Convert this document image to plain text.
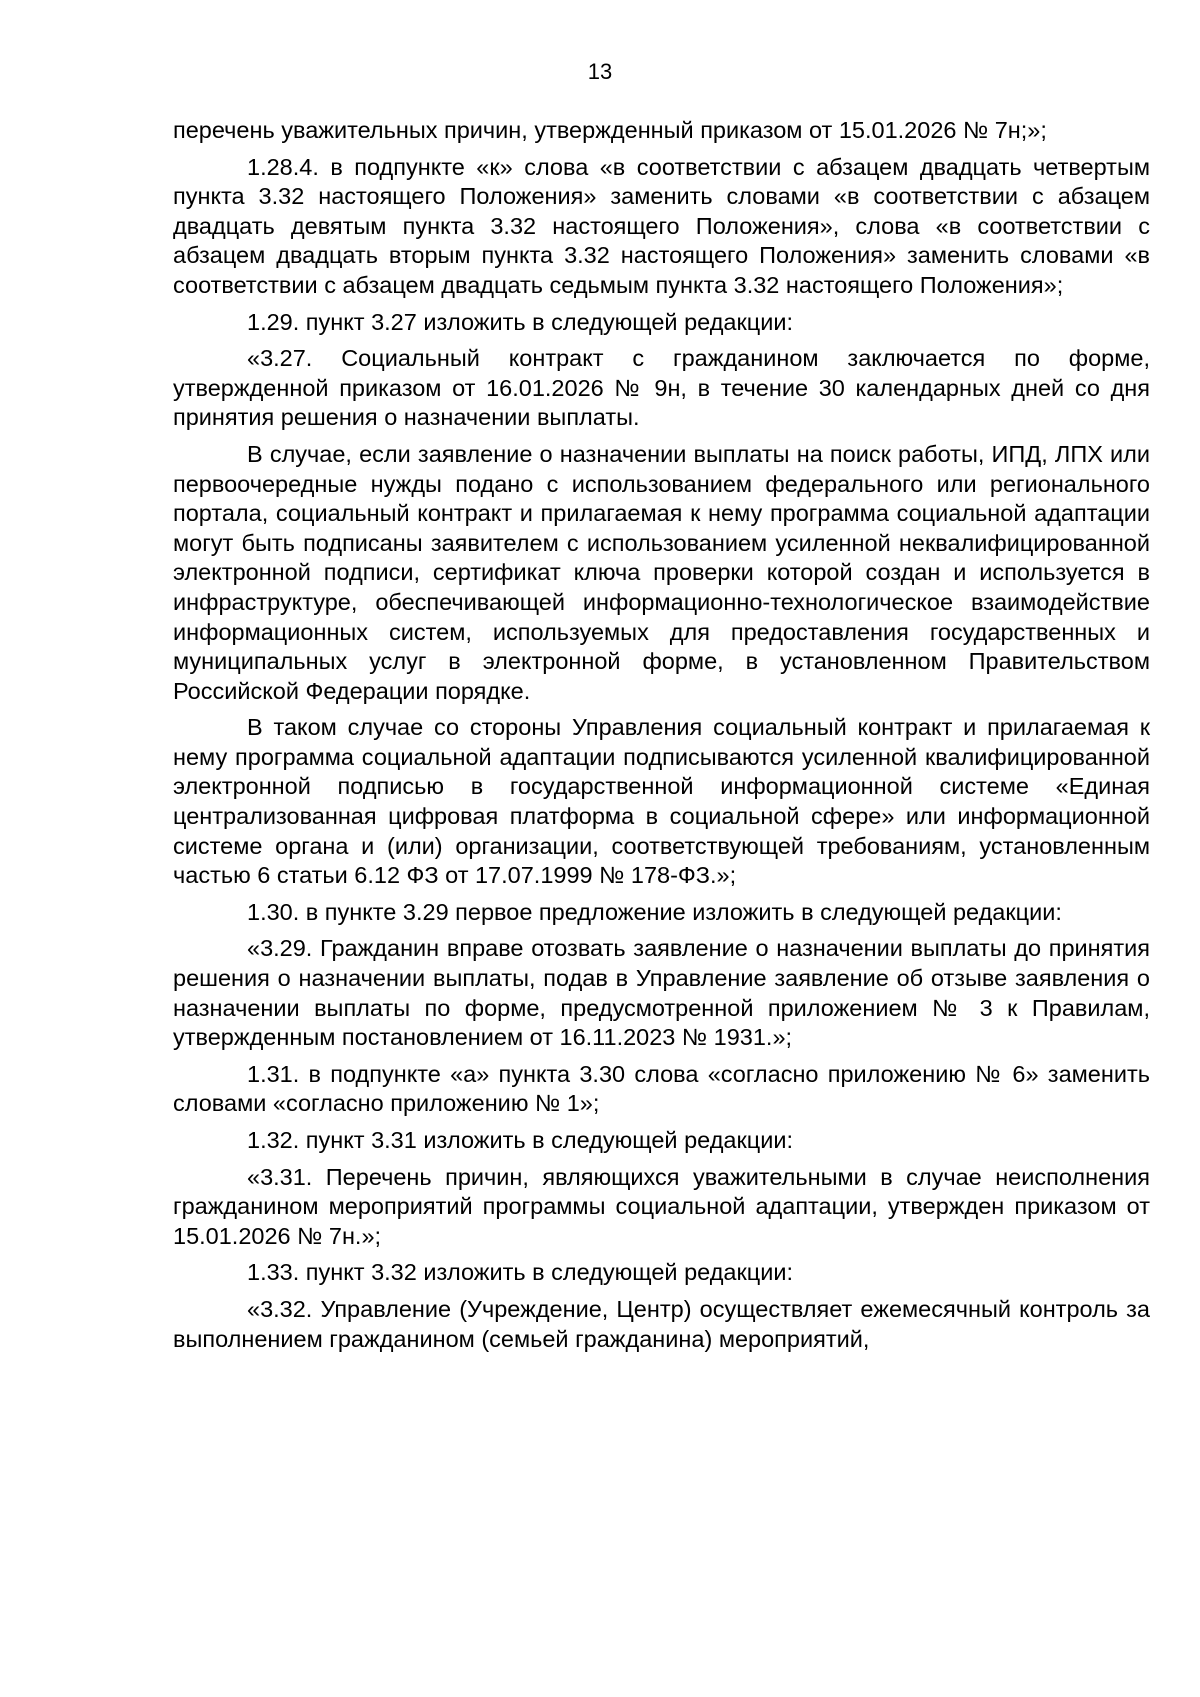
13

перечень уважительных причин, утвержденный приказом от 15.01.2026 № 7н;»;

1.28.4. в подпункте «к» слова «в соответствии с абзацем двадцать четвертым пункта 3.32 настоящего Положения» заменить словами «в соответствии с абзацем двадцать девятым пункта 3.32 настоящего Положения», слова «в соответствии с абзацем двадцать вторым пункта 3.32 настоящего Положения» заменить словами «в соответствии с абзацем двадцать седьмым пункта 3.32 настоящего Положения»;

1.29. пункт 3.27 изложить в следующей редакции:

«3.27. Социальный контракт с гражданином заключается по форме, утвержденной приказом от 16.01.2026 № 9н, в течение 30 календарных дней со дня принятия решения о назначении выплаты.

В случае, если заявление о назначении выплаты на поиск работы, ИПД, ЛПХ или первоочередные нужды подано с использованием федерального или регионального портала, социальный контракт и прилагаемая к нему программа социальной адаптации могут быть подписаны заявителем с использованием усиленной неквалифицированной электронной подписи, сертификат ключа проверки которой создан и используется в инфраструктуре, обеспечивающей информационно-технологическое взаимодействие информационных систем, используемых для предоставления государственных и муниципальных услуг в электронной форме, в установленном Правительством Российской Федерации порядке.

В таком случае со стороны Управления социальный контракт и прилагаемая к нему программа социальной адаптации подписываются усиленной квалифицированной электронной подписью в государственной информационной системе «Единая централизованная цифровая платформа в социальной сфере» или информационной системе органа и (или) организации, соответствующей требованиям, установленным частью 6 статьи 6.12 ФЗ от 17.07.1999 № 178-ФЗ.»;

1.30. в пункте 3.29 первое предложение изложить в следующей редакции:

«3.29. Гражданин вправе отозвать заявление о назначении выплаты до принятия решения о назначении выплаты, подав в Управление заявление об отзыве заявления о назначении выплаты по форме, предусмотренной приложением № 3 к Правилам, утвержденным постановлением от 16.11.2023 № 1931.»;

1.31. в подпункте «а» пункта 3.30 слова «согласно приложению № 6» заменить словами «согласно приложению № 1»;

1.32. пункт 3.31 изложить в следующей редакции:

«3.31. Перечень причин, являющихся уважительными в случае неисполнения гражданином мероприятий программы социальной адаптации, утвержден приказом от 15.01.2026 № 7н.»;

1.33. пункт 3.32 изложить в следующей редакции:

«3.32. Управление (Учреждение, Центр) осуществляет ежемесячный контроль за выполнением гражданином (семьей гражданина) мероприятий,
